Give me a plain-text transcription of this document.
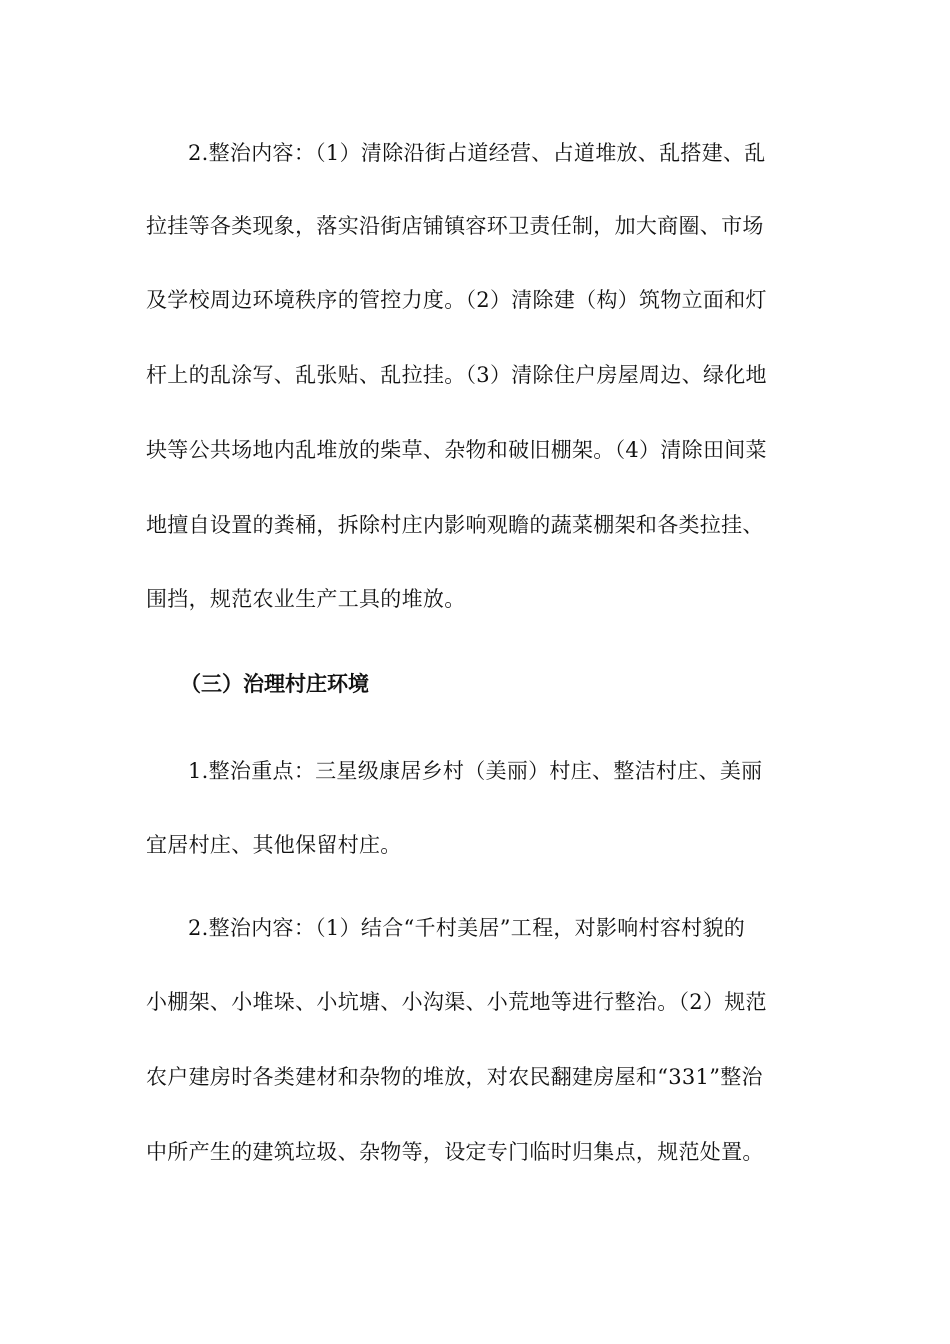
2.整治内容：（1）清除沿街占道经营、占道堆放、乱搭建、乱
拉挂等各类现象，落实沿街店铺镇容环卫责任制，加大商圈、市场
及学校周边环境秩序的管控力度。（2）清除建（构）筑物立面和灯
杆上的乱涂写、乱张贴、乱拉挂。（3）清除住户房屋周边、绿化地
块等公共场地内乱堆放的柴草、杂物和破旧棚架。（4）清除田间菜
地擅自设置的粪桶，拆除村庄内影响观瞻的蔬菜棚架和各类拉挂、
围挡，规范农业生产工具的堆放。
（三）治理村庄环境
1.整治重点：三星级康居乡村（美丽）村庄、整洁村庄、美丽
宜居村庄、其他保留村庄。
2.整治内容：（1）结合“千村美居”工程，对影响村容村貌的
小棚架、小堆垛、小坑塘、小沟渠、小荒地等进行整治。（2）规范
农户建房时各类建材和杂物的堆放，对农民翻建房屋和“331”整治
中所产生的建筑垃圾、杂物等，设定专门临时归集点，规范处置。
